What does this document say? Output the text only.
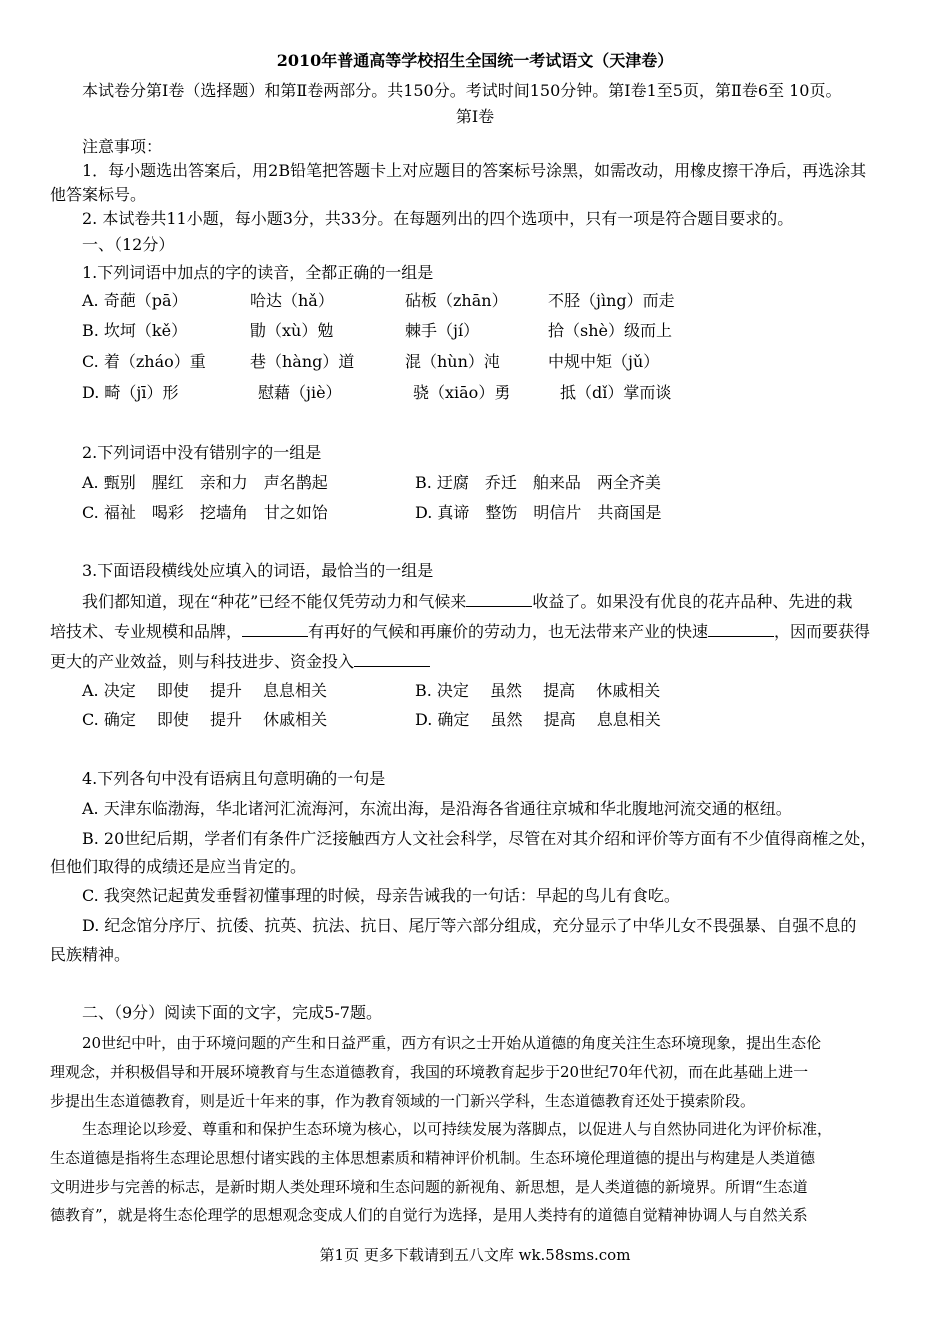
2010年普通高等学校招生全国统一考试语文（天津卷）
本试卷分第Ⅰ卷（选择题）和第Ⅱ卷两部分。共150分。考试时间150分钟。第Ⅰ卷1至5页，第Ⅱ卷6至 10页。
第Ⅰ卷
注意事项：
1．每小题选出答案后，用2B铅笔把答题卡上对应题目的答案标号涂黑，如需改动，用橡皮擦干净后，再选涂其
他答案标号。
2. 本试卷共11小题，每小题3分，共33分。在每题列出的四个选项中，只有一项是符合题目要求的。
一、（12分）
1.下列词语中加点的字的读音，全都正确的一组是
A. 奇葩（pā）	哈达（hǎ）	砧板（zhān）	不胫（jìng）而走
B. 坎坷（kě）	勖（xù）勉	棘手（jí）	拾（shè）级而上
C. 着（zháo）重	巷（hàng）道	混（hùn）沌	中规中矩（jǔ）
D. 畸（jī）形	慰藉（jiè）	骁（xiāo）勇	抵（dǐ）掌而谈
2.下列词语中没有错别字的一组是
A. 甄别　腥红　亲和力　声名鹊起	B. 迂腐　乔迁　舶来品　两全齐美
C. 福祉　喝彩　挖墙角　甘之如饴	D. 真谛　整饬　明信片　共商国是
3.下面语段横线处应填入的词语，最恰当的一组是
我们都知道，现在“种花”已经不能仅凭劳动力和气候来	收益了。如果没有优良的花卉品种、先进的栽
培技术、专业规模和品牌，	有再好的气候和再廉价的劳动力，也无法带来产业的快速	，因而要获得
更大的产业效益，则与科技进步、资金投入
A. 决定　 即使　 提升　 息息相关	B. 决定　 虽然　 提高　 休戚相关
C. 确定　 即使　 提升　 休戚相关	D. 确定　 虽然　 提高　 息息相关
4.下列各句中没有语病且句意明确的一句是
A. 天津东临渤海，华北诸河汇流海河，东流出海，是沿海各省通往京城和华北腹地河流交通的枢纽。
B. 20世纪后期，学者们有条件广泛接触西方人文社会科学，尽管在对其介绍和评价等方面有不少值得商榷之处，
但他们取得的成绩还是应当肯定的。
C. 我突然记起黄发垂髫初懂事理的时候，母亲告诫我的一句话：早起的鸟儿有食吃。
D. 纪念馆分序厅、抗倭、抗英、抗法、抗日、尾厅等六部分组成，充分显示了中华儿女不畏强暴、自强不息的
民族精神。
二、（9分）阅读下面的文字，完成5-7题。
20世纪中叶，由于环境问题的产生和日益严重，西方有识之士开始从道德的角度关注生态环境现象，提出生态伦
理观念，并积极倡导和开展环境教育与生态道德教育，我国的环境教育起步于20世纪70年代初，而在此基础上进一
步提出生态道德教育，则是近十年来的事，作为教育领域的一门新兴学科，生态道德教育还处于摸索阶段。
生态理论以珍爱、尊重和和保护生态环境为核心，以可持续发展为落脚点，以促进人与自然协同进化为评价标准，
生态道德是指将生态理论思想付诸实践的主体思想素质和精神评价机制。生态环境伦理道德的提出与构建是人类道德
文明进步与完善的标志，是新时期人类处理环境和生态问题的新视角、新思想，是人类道德的新境界。所谓“生态道
德教育”，就是将生态伦理学的思想观念变成人们的自觉行为选择，是用人类持有的道德自觉精神协调人与自然关系
第1页 更多下载请到五八文库 wk.58sms.com
